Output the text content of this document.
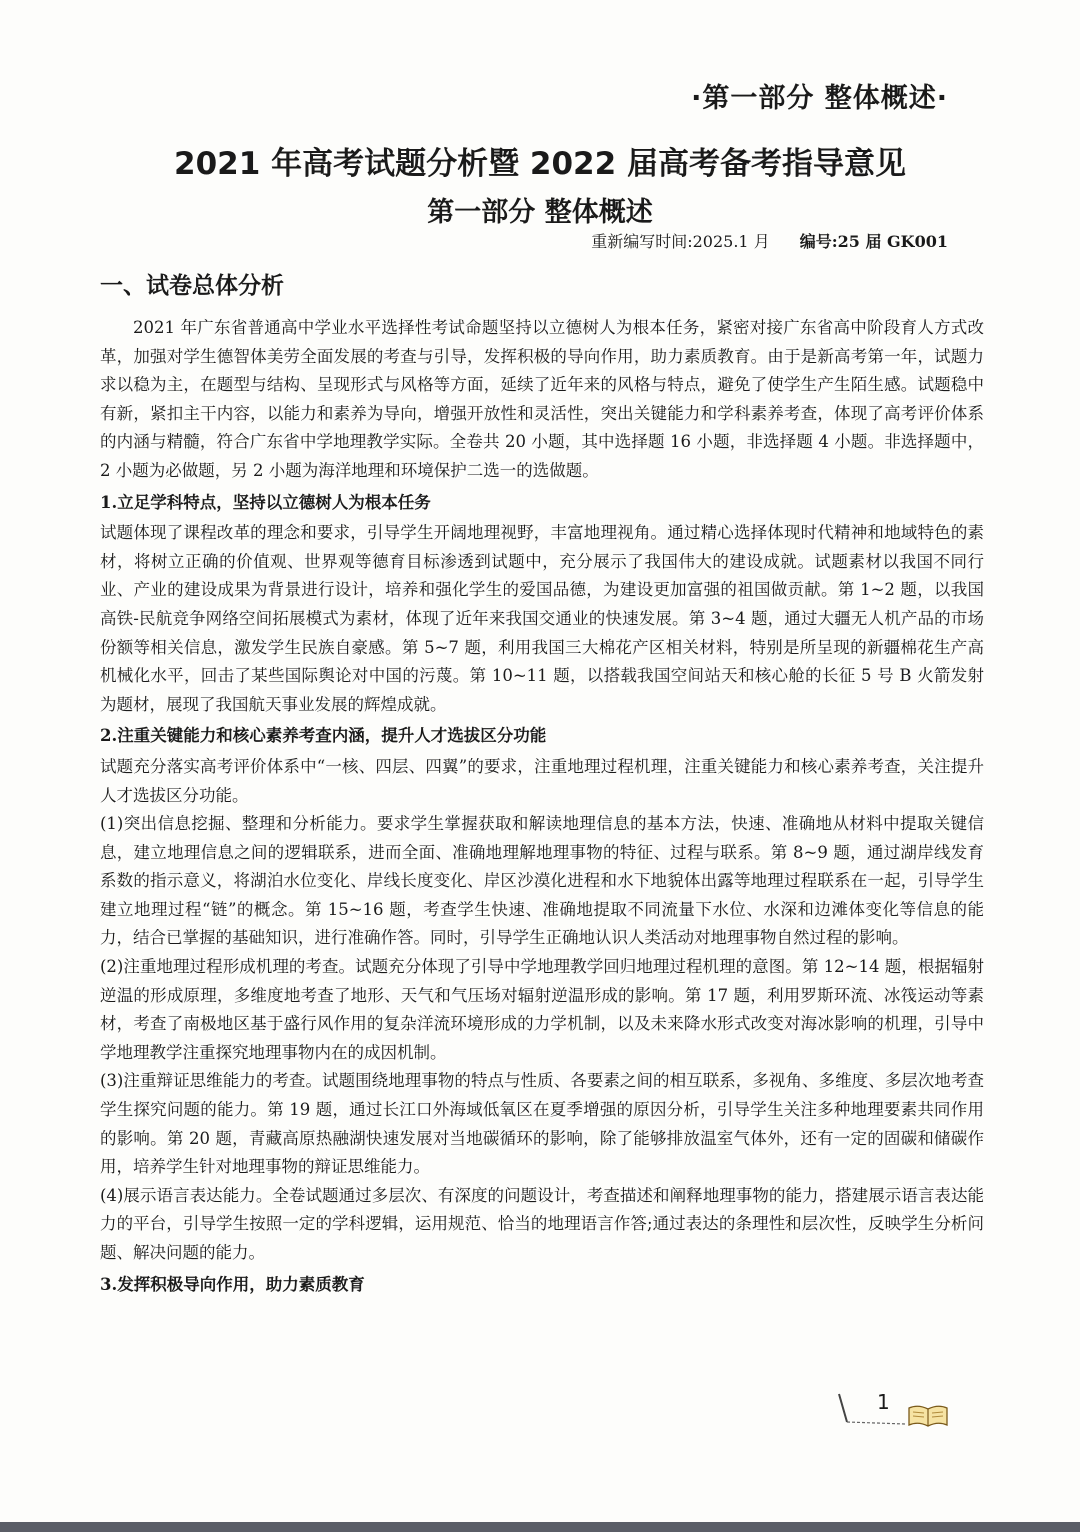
·第一部分 整体概述·
2021 年高考试题分析暨 2022 届高考备考指导意见
第一部分 整体概述
重新编写时间:2025.1 月 编号:25 届 GK001
一、试卷总体分析

2021 年广东省普通高中学业水平选择性考试命题坚持以立德树人为根本任务，紧密对接广东省高中阶段育人方式改革，加强对学生德智体美劳全面发展的考查与引导，发挥积极的导向作用，助力素质教育。由于是新高考第一年，试题力求以稳为主，在题型与结构、呈现形式与风格等方面，延续了近年来的风格与特点，避免了使学生产生陌生感。试题稳中有新，紧扣主干内容，以能力和素养为导向，增强开放性和灵活性，突出关键能力和学科素养考查，体现了高考评价体系的内涵与精髓，符合广东省中学地理教学实际。全卷共 20 小题，其中选择题 16 小题，非选择题 4 小题。非选择题中，2 小题为必做题，另 2 小题为海洋地理和环境保护二选一的选做题。

1.立足学科特点，坚持以立德树人为根本任务

试题体现了课程改革的理念和要求，引导学生开阔地理视野，丰富地理视角。通过精心选择体现时代精神和地域特色的素材，将树立正确的价值观、世界观等德育目标渗透到试题中，充分展示了我国伟大的建设成就。试题素材以我国不同行业、产业的建设成果为背景进行设计，培养和强化学生的爱国品德，为建设更加富强的祖国做贡献。第 1~2 题，以我国高铁-民航竞争网络空间拓展模式为素材，体现了近年来我国交通业的快速发展。第 3~4 题，通过大疆无人机产品的市场份额等相关信息，激发学生民族自豪感。第 5~7 题，利用我国三大棉花产区相关材料，特别是所呈现的新疆棉花生产高机械化水平，回击了某些国际舆论对中国的污蔑。第 10~11 题，以搭载我国空间站天和核心舱的长征 5 号 B 火箭发射为题材，展现了我国航天事业发展的辉煌成就。

2.注重关键能力和核心素养考查内涵，提升人才选拔区分功能

试题充分落实高考评价体系中“一核、四层、四翼”的要求，注重地理过程机理，注重关键能力和核心素养考查，关注提升人才选拔区分功能。

(1)突出信息挖掘、整理和分析能力。要求学生掌握获取和解读地理信息的基本方法，快速、准确地从材料中提取关键信息，建立地理信息之间的逻辑联系，进而全面、准确地理解地理事物的特征、过程与联系。第 8~9 题，通过湖岸线发育系数的指示意义，将湖泊水位变化、岸线长度变化、岸区沙漠化进程和水下地貌体出露等地理过程联系在一起，引导学生建立地理过程“链”的概念。第 15~16 题，考查学生快速、准确地提取不同流量下水位、水深和边滩体变化等信息的能力，结合已掌握的基础知识，进行准确作答。同时，引导学生正确地认识人类活动对地理事物自然过程的影响。

(2)注重地理过程形成机理的考查。试题充分体现了引导中学地理教学回归地理过程机理的意图。第 12~14 题，根据辐射逆温的形成原理，多维度地考查了地形、天气和气压场对辐射逆温形成的影响。第 17 题，利用罗斯环流、冰筏运动等素材，考查了南极地区基于盛行风作用的复杂洋流环境形成的力学机制，以及未来降水形式改变对海冰影响的机理，引导中学地理教学注重探究地理事物内在的成因机制。

(3)注重辩证思维能力的考查。试题围绕地理事物的特点与性质、各要素之间的相互联系，多视角、多维度、多层次地考查学生探究问题的能力。第 19 题，通过长江口外海域低氧区在夏季增强的原因分析，引导学生关注多种地理要素共同作用的影响。第 20 题，青藏高原热融湖快速发展对当地碳循环的影响，除了能够排放温室气体外，还有一定的固碳和储碳作用，培养学生针对地理事物的辩证思维能力。

(4)展示语言表达能力。全卷试题通过多层次、有深度的问题设计，考查描述和阐释地理事物的能力，搭建展示语言表达能力的平台，引导学生按照一定的学科逻辑，运用规范、恰当的地理语言作答;通过表达的条理性和层次性，反映学生分析问题、解决问题的能力。

3.发挥积极导向作用，助力素质教育

1
